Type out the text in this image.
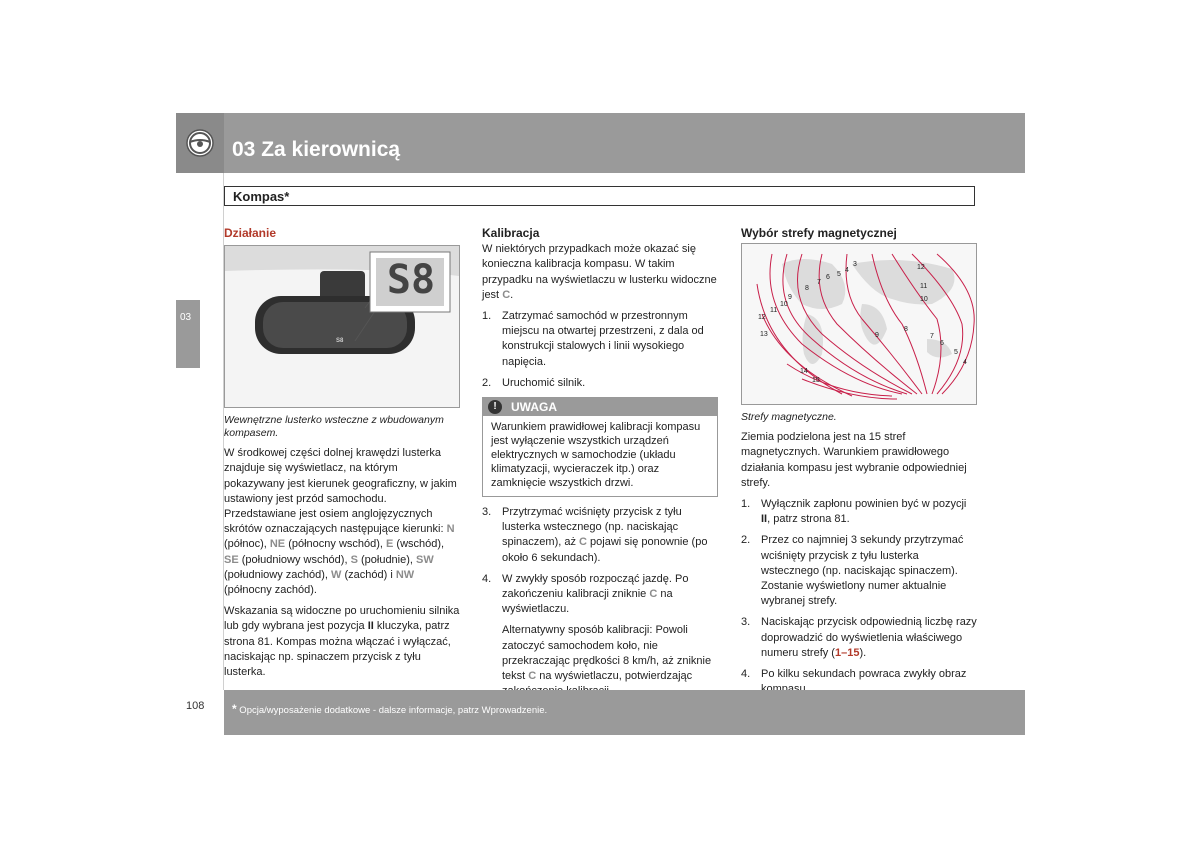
03 Za kierownicą
03
Kompas*
Działanie
S8
S8
Wewnętrzne lusterko wsteczne z wbudowanym kompasem.

W środkowej części dolnej krawędzi lusterka znajduje się wyświetlacz, na którym pokazywany jest kierunek geograficzny, w jakim ustawiony jest przód samochodu. Przedstawiane jest osiem anglojęzycznych skrótów oznaczających następujące kierunki: N (północ), NE (północny wschód), E (wschód), SE (południowy wschód), S (południe), SW (południowy zachód), W (zachód) i NW (północny zachód).

Wskazania są widoczne po uruchomieniu silnika lub gdy wybrana jest pozycja II kluczyka, patrz strona 81. Kompas można włączać i wyłączać, naciskając np. spinaczem przycisk z tyłu lusterka.

Kalibracja

W niektórych przypadkach może okazać się konieczna kalibracja kompasu. W takim przypadku na wyświetlaczu w lusterku widoczne jest C.

1. Zatrzymać samochód w przestronnym miejscu na otwartej przestrzeni, z dala od konstrukcji stalowych i linii wysokiego napięcia.
2. Uruchomić silnik.
!	UWAGA
Warunkiem prawidłowej kalibracji kompasu jest wyłączenie wszystkich urządzeń elektrycznych w samochodzie (układu klimatyzacji, wycieraczek itp.) oraz zamknięcie wszystkich drzwi.
3. Przytrzymać wciśnięty przycisk z tyłu lusterka wstecznego (np. naciskając spinaczem), aż C pojawi się ponownie (po około 6 sekundach).
4. W zwykły sposób rozpocząć jazdę. Po zakończeniu kalibracji zniknie C na wyświetlaczu.
Alternatywny sposób kalibracji: Powoli zatoczyć samochodem koło, nie przekraczając prędkości 8 km/h, aż zniknie tekst C na wyświetlaczu, potwierdzając
Wybór strefy magnetycznej
3
4
5
6
7
8
9
10
11
12
13
14
15
12
11
10
9
8
7
6
5
4
Strefy magnetyczne.

Ziemia podzielona jest na 15 stref magnetycznych. Warunkiem prawidłowego działania kompasu jest wybranie odpowiedniej strefy.

1. Wyłącznik zapłonu powinien być w pozycji II, patrz strona 81.
2. Przez co najmniej 3 sekundy przytrzymać wciśnięty przycisk z tyłu lusterka wstecznego (np. naciskając spinaczem). Zostanie wyświetlony numer aktualnie wybranej strefy.
3. Naciskając przycisk odpowiednią liczbę razy doprowadzić do wyświetlenia właściwego numeru strefy (1–15).
4. Po kilku sekundach powraca zwykły obraz
108 * Opcja/wyposażenie dodatkowe - dalsze informacje, patrz Wprowadzenie.
